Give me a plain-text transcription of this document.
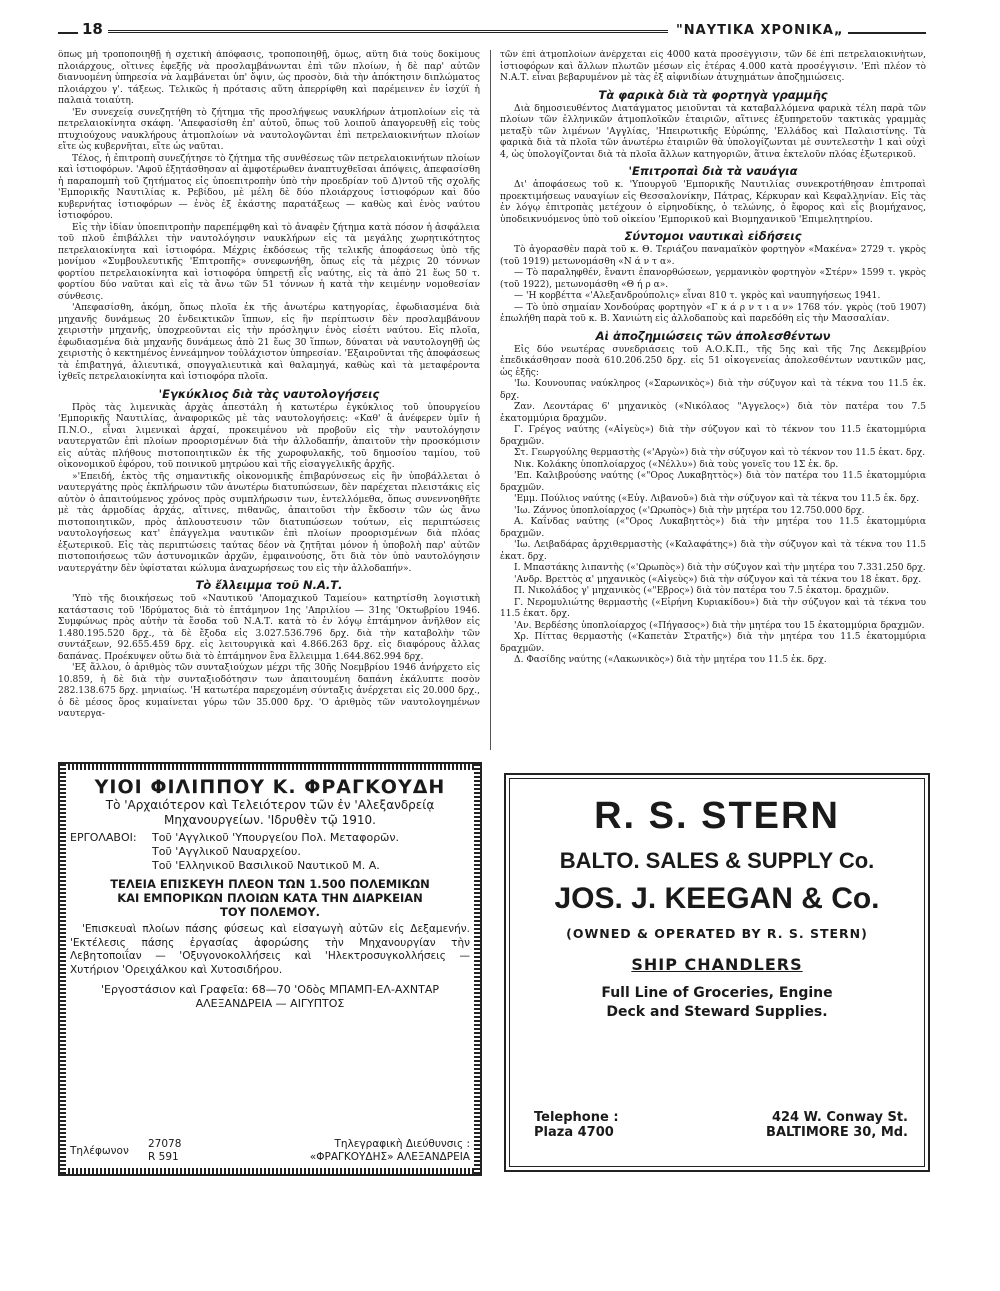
18	"ΝΑΥΤΙΚΑ ΧΡΟΝΙΚΑ„

ὅπως μὴ τροποποιηθῇ ἡ σχετικὴ ἀπόφασις, τροποποιηθῇ, ὅμως, αὕτη διὰ τοὺς δοκίμους πλοιάρχους, οἵτινες ἐφεξῆς νὰ προσλαμβάνωνται ἐπὶ τῶν πλοίων, ἡ δὲ παρ' αὐτῶν διανυομένη ὑπηρεσία νὰ λαμβάνεται ὑπ' ὄψιν, ὡς προσὸν, διὰ τὴν ἀπόκτησιν διπλώματος πλοιάρχου γ'. τάξεως. Τελικῶς ἡ πρότασις αὕτη ἀπερρίφθη καὶ παρέμεινεν ἐν ἰσχύϊ ἡ παλαιὰ τοιαύτη.

'Εν συνεχείᾳ συνεζητήθη τὸ ζήτημα τῆς προσλήψεως ναυκλήρων ἀτμοπλοίων εἰς τὰ πετρελαιοκίνητα σκάφη. 'Απεφασίσθη ἐπ' αὐτοῦ, ὅπως τοῦ λοιποῦ ἀπαγορευθῇ εἰς τοὺς πτυχιούχους ναυκλήρους ἀτμοπλοίων νὰ ναυτολογῶνται ἐπὶ πετρελαιοκινήτων πλοίων εἴτε ὡς κυβερνῆται, εἴτε ὡς ναῦται.

Τέλος, ἡ ἐπιτροπὴ συνεζήτησε τὸ ζήτημα τῆς συνθέσεως τῶν πετρελαιοκινήτων πλοίων καὶ ἱστιοφόρων. 'Αφοῦ ἐξητάσθησαν αἱ ἀμφοτέρωθεν ἀναπτυχθεῖσαι ἀπόψεις, ἀπεφασίσθη ἡ παραπομπὴ τοῦ ζητήματος εἰς ὑποεπιτροπὴν ὑπὸ τὴν προεδρίαν τοῦ Δ)ντοῦ τῆς σχολῆς 'Εμπορικῆς Ναυτιλίας κ. Ρεβίδου, μὲ μέλη δὲ δύο πλοιάρχους ἱστιοφόρων καὶ δύο κυβερνήτας ἱστιοφόρων — ἑνὸς ἐξ ἑκάστης παρατάξεως — καθὼς καὶ ἑνὸς ναύτου ἱστιοφόρου.

Εἰς τὴν ἰδίαν ὑποεπιτροπὴν παρεπέμφθη καὶ τὸ ἀναφὲν ζήτημα κατὰ πόσον ἡ ἀσφάλεια τοῦ πλοῦ ἐπιβάλλει τὴν ναυτολόγησιν ναυκλήρων εἰς τὰ μεγάλης χωρητικότητος πετρελαιοκίνητα καὶ ἱστιοφόρα. Μέχρις ἐκδόσεως τῆς τελικῆς ἀποφάσεως ὑπὸ τῆς μονίμου «Συμβουλευτικῆς 'Επιτροπῆς» συνεφωνήθη, ὅπως εἰς τὰ μέχρις 20 τόννων φορτίου πετρελαιοκίνητα καὶ ἱστιοφόρα ὑπηρετῇ εἷς ναύτης, εἰς τὰ ἀπὸ 21 ἕως 50 τ. φορτίου δύο ναῦται καὶ εἰς τὰ ἄνω τῶν 51 τόννων ἡ κατὰ τὴν κειμένην νομοθεσίαν σύνθεσις.

'Απεφασίσθη, ἀκόμη, ὅπως πλοῖα ἐκ τῆς ἀνωτέρω κατηγορίας, ἐφωδιασμένα διὰ μηχανῆς δυνάμεως 20 ἐνδεικτικῶν ἵππων, εἰς ἣν περίπτωσιν δὲν προσλαμβάνουν χειριστὴν μηχανῆς, ὑποχρεοῦνται εἰς τὴν πρόσληψιν ἑνὸς εἰσέτι ναύτου. Εἰς πλοῖα, ἐφωδιασμένα διὰ μηχανῆς δυνάμεως ἀπὸ 21 ἕως 30 ἵππων, δύναται νὰ ναυτολογηθῇ ὡς χειριστὴς ὁ κεκτημένος ἐννεάμηνον τοὐλάχιστον ὑπηρεσίαν. 'Εξαιροῦνται τῆς ἀποφάσεως τὰ ἐπιβατηγά, ἁλιευτικά, σπογγαλιευτικὰ καὶ θαλαμηγά, καθὼς καὶ τὰ μεταφέροντα ἰχθεῖς πετρελαιοκίνητα καὶ ἱστιοφόρα πλοῖα.

'Εγκύκλιος διὰ τὰς ναυτολογήσεις

Πρὸς τὰς λιμενικὰς ἀρχὰς ἀπεστάλη ἡ κατωτέρω ἐγκύκλιος τοῦ ὑπουργείου 'Εμπορικῆς Ναυτιλίας, ἀναφορικῶς μὲ τὰς ναυτολογήσεις: «Καθ' ἃ ἀνέφερεν ὑμῖν ἡ Π.Ν.Ο., εἶναι λιμενικαὶ ἀρχαί, προκειμένου νὰ προβοῦν εἰς τὴν ναυτολόγησιν ναυτεργατῶν ἐπὶ πλοίων προορισμένων διὰ τὴν ἀλλοδαπήν, ἀπαιτοῦν τὴν προσκόμισιν εἰς αὐτὰς πλήθους πιστοποιητικῶν ἐκ τῆς χωροφυλακῆς, τοῦ δημοσίου ταμίου, τοῦ οἰκονομικοῦ ἐφόρου, τοῦ ποινικοῦ μητρώου καὶ τῆς εἰσαγγελικῆς ἀρχῆς.

»'Επειδή, ἐκτὸς τῆς σημαντικῆς οἰκονομικῆς ἐπιβαρύνσεως εἰς ἣν ὑποβάλλεται ὁ ναυτεργάτης πρὸς ἐκπλήρωσιν τῶν ἀνωτέρω διατυπώσεων, δὲν παρέχεται πλειστάκις εἰς αὐτὸν ὁ ἀπαιτούμενος χρόνος πρὸς συμπλήρωσιν των, ἐντελλόμεθα, ὅπως συνεννοηθῆτε μὲ τὰς ἁρμοδίας ἀρχάς, αἵτινες, πιθανῶς, ἀπαιτοῦσι τὴν ἔκδοσιν τῶν ὡς ἄνω πιστοποιητικῶν, πρὸς ἀπλουστευσιν τῶν διατυπώσεων τούτων, εἰς περιπτώσεις ναυτολογήσεως κατ' ἐπάγγελμα ναυτικῶν ἐπὶ πλοίων προορισμένων διὰ πλόας ἐξωτερικοῦ. Εἰς τὰς περιπτώσεις ταύτας δέον νὰ ζητῆται μόνον ἡ ὑποβολὴ παρ' αὐτῶν πιστοποιήσεως τῶν ἀστυνομικῶν ἀρχῶν, ἐμφαινούσης, ὅτι διὰ τὸν ὑπὸ ναυτολόγησιν ναυτεργάτην δὲν ὑφίσταται κώλυμα ἀναχωρήσεως του εἰς τὴν ἀλλοδαπήν».

Τὸ ἔλλειμμα τοῦ Ν.Α.Τ.

'Υπὸ τῆς διοικήσεως τοῦ «Ναυτικοῦ 'Απομαχικοῦ Ταμείου» κατηρτίσθη λογιστικὴ κατάστασις τοῦ 'Ιδρύματος διὰ τὸ ἑπτάμηνον 1ης 'Απριλίου — 31ης 'Οκτωβρίου 1946. Συμφώνως πρὸς αὐτὴν τὰ ἔσοδα τοῦ Ν.Α.Τ. κατὰ τὸ ἐν λόγῳ ἑπτάμηνον ἀνῆλθον εἰς 1.480.195.520 δρχ., τὰ δὲ ἔξοδα εἰς 3.027.536.796 δρχ. διὰ τὴν καταβολὴν τῶν συντάξεων, 92.655.459 δρχ. εἰς λειτουργικὰ καὶ 4.866.263 δρχ. εἰς διαφόρους ἄλλας δαπάνας. Προέκυψεν οὕτω διὰ τὸ ἑπτάμηνον ἓνα ἔλλειμμα 1.644.862.994 δρχ.

'Εξ ἄλλου, ὁ ἀριθμὸς τῶν συνταξιούχων μέχρι τῆς 30ῆς Νοεμβρίου 1946 ἀνήρχετο εἰς 10.859, ἡ δὲ διὰ τὴν συνταξιοδότησιν των ἀπαιτουμένη δαπάνη ἐκάλυπτε ποσὸν 282.138.675 δρχ. μηνιαίως. 'Η κατωτέρα παρεχομένη σύνταξις ἀνέρχεται εἰς 20.000 δρχ., ὁ δὲ μέσος ὅρος κυμαίνεται γύρω τῶν 35.000 δρχ. 'Ο ἀριθμὸς τῶν ναυτολογημένων ναυτεργα-

τῶν ἐπὶ ἀτμοπλοίων ἀνέρχεται εἰς 4000 κατὰ προσέγγισιν, τῶν δὲ ἐπὶ πετρελαιοκινήτων, ἱστιοφόρων καὶ ἄλλων πλωτῶν μέσων εἰς ἑτέρας 4.000 κατὰ προσέγγισιν. 'Επὶ πλέον τὸ Ν.Α.Τ. εἶναι βεβαρυμένον μὲ τὰς ἐξ αἰφνιδίων ἀτυχημάτων ἀποζημιώσεις.

Τὰ φαρικὰ διὰ τὰ φορτηγὰ γραμμῆς

Διὰ δημοσιευθέντος Διατάγματος μειοῦνται τὰ καταβαλλόμενα φαρικὰ τέλη παρὰ τῶν πλοίων τῶν ἑλληνικῶν ἀτμοπλοϊκῶν ἑταιριῶν, αἵτινες ἐξυπηρετοῦν τακτικὰς γραμμὰς μεταξὺ τῶν λιμένων 'Αγγλίας, 'Ηπειρωτικῆς Εὐρώπης, 'Ελλάδος καὶ Παλαιστίνης. Τὰ φαρικὰ διὰ τὰ πλοῖα τῶν ἀνωτέρω ἑταιριῶν θὰ ὑπολογίζωνται μὲ συντελεστὴν 1 καὶ οὐχὶ 4, ὡς ὑπολογίζονται διὰ τὰ πλοῖα ἄλλων κατηγοριῶν, ἅτινα ἐκτελοῦν πλόας ἐξωτερικοῦ.

'Επιτροπαὶ διὰ τὰ ναυάγια

Δι' ἀποφάσεως τοῦ κ. 'Υπουργοῦ 'Εμπορικῆς Ναυτιλίας συνεκροτήθησαν ἐπιτροπαὶ προεκτιμήσεως ναυαγίων εἰς Θεσσαλονίκην, Πάτρας, Κέρκυραν καὶ Κεφαλληνίαν. Εἰς τὰς ἐν λόγῳ ἐπιτροπὰς μετέχουν ὁ εἰρηνοδίκης, ὁ τελώνης, ὁ ἔφορος καὶ εἷς βιομήχανος, ὑποδεικνυόμενος ὑπὸ τοῦ οἰκείου 'Εμπορικοῦ καὶ Βιομηχανικοῦ 'Επιμελητηρίου.

Σύντομοι ναυτικαὶ εἰδήσεις

Τὸ ἀγορασθὲν παρὰ τοῦ κ. Θ. Τεριάζου παναμαϊκὸν φορτηγὸν «Μακένα» 2729 τ. γκρὸς (τοῦ 1919) μετωνομάσθη «Ν ά ν τ α».

— Τὸ παραληφθέν, ἔναντι ἐπανορθώσεων, γερμανικὸν φορτηγὸν «Στέρν» 1599 τ. γκρὸς (τοῦ 1922), μετωνομάσθη «Θ ή ρ α».

— 'Η κορβέττα «'Αλεξανδρούπολις» εἶναι 810 τ. γκρὸς καὶ ναυπηγήσεως 1941.

— Τὸ ὑπὸ σημαίαν Χονδούρας φορτηγὸν «Γ κ ά ρ ν τ ι α ν» 1768 τόν. γκρὸς (τοῦ 1907) ἐπωλήθη παρὰ τοῦ κ. Β. Χανιώτη εἰς ἀλλοδαποὺς καὶ παρεδόθη εἰς τὴν Μασσαλίαν.

Αἱ ἀποζημιώσεις τῶν ἀπολεσθέντων

Εἰς δύο νεωτέρας συνεδριάσεις τοῦ Α.Ο.Κ.Π., τῆς 5ης καὶ τῆς 7ης Δεκεμβρίου ἐπεδικάσθησαν ποσὰ 610.206.250 δρχ. εἰς 51 οἰκογενείας ἀπολεσθέντων ναυτικῶν μας, ὡς ἑξῆς:

'Ιω. Κουνουπας ναύκληρος («Σαρωνικὸς») διὰ τὴν σύζυγον καὶ τὰ τέκνα του 11.5 ἐκ. δρχ.

Ζαν. Λεοντάρας 6' μηχανικὸς («Νικόλαος "Αγγελος») διὰ τὸν πατέρα του 7.5 ἑκατομμύρια δραχμῶν.

Γ. Γρέγος ναύτης («Αἰγεὺς») διὰ τὴν σύζυγον καὶ τὸ τέκνον του 11.5 ἑκατομμύρια δραχμῶν.

Στ. Γεωργούλης θερμαστὴς («'Αργὼ») διὰ τὴν σύζυγον καὶ τὸ τέκνον του 11.5 ἑκατ. δρχ.

Νικ. Κολάκης ὑποπλοίαρχος («Νέλλυ») διὰ τοὺς γονεῖς του 1Σ ἐκ. δρ.

'Επ. Καλιβρούσης ναύτης («"Ορος Λυκαβηττὸς») διὰ τὸν πατέρα του 11.5 ἑκατομμύρια δραχμῶν.

'Εμμ. Πούλιος ναύτης («Εὐγ. Λιβανοῦ») διὰ τὴν σύζυγον καὶ τὰ τέκνα του 11.5 ἐκ. δρχ.

'Ιω. Ζάννος ὑποπλοίαρχος («'Ωρωπὸς») διὰ τὴν μητέρα του 12.750.000 δρχ.

Α. Καΐνδας ναύτης («"Ορος Λυκαβηττὸς») διὰ τὴν μητέρα του 11.5 ἑκατομμύρια δραχμῶν.

'Ιω. Λειβαδάρας ἀρχιθερμαστὴς («Καλαφάτης») διὰ τὴν σύζυγον καὶ τὰ τέκνα του 11.5 ἐκατ. δρχ.

Ι. Μπαστάκης λιπαντὴς («'Ωρωπὸς») διὰ τὴν σύζυγον καὶ τὴν μητέρα του 7.331.250 δρχ.

'Ανδρ. Βρεττὸς α' μηχανικὸς («Αἰγεὺς») διὰ τὴν σύζυγον καὶ τὰ τέκνα του 18 ἑκατ. δρχ.

Π. Νικολάδος γ' μηχανικὸς («"Εβρος») διὰ τὸν πατέρα του 7.5 ἑκατομ. δραχμῶν.

Γ. Νερομυλιώτης θερμαστὴς («Εἰρήνη Κυριακίδου») διὰ τὴν σύζυγον καὶ τὰ τέκνα του 11.5 ἑκατ. δρχ.

'Αν. Βερδέσης ὑποπλοίαρχος («Πήγασος») διὰ τὴν μητέρα του 15 ἑκατομμύρια δραχμῶν.

Χρ. Πίττας θερμαστὴς («Καπετὰν Στρατῆς») διὰ τὴν μητέρα του 11.5 ἑκατομμύρια δραχμῶν.

Δ. Φασίδης ναύτης («Λακωνικὸς») διὰ τὴν μητέρα του 11.5 ἐκ. δρχ.

ΥΙΟΙ ΦΙΛΙΠΠΟΥ Κ. ΦΡΑΓΚΟΥΔΗ
Τὸ 'Αρχαιότερον καὶ Τελειότερον τῶν ἐν 'Αλεξανδρείᾳ
Μηχανουργείων. 'Ιδρυθὲν τῷ 1910.
ΕΡΓΟΛΑΒΟΙ:	Τοῦ 'Αγγλικοῦ 'Υπουργείου Πολ. Μεταφορῶν.
Τοῦ 'Αγγλικοῦ Ναυαρχείου.
Τοῦ 'Ελληνικοῦ Βασιλικοῦ Ναυτικοῦ Μ. Α.
ΤΕΛΕΙΑ ΕΠΙΣΚΕΥΗ ΠΛΕΟΝ ΤΩΝ 1.500 ΠΟΛΕΜΙΚΩΝ
ΚΑΙ ΕΜΠΟΡΙΚΩΝ ΠΛΟΙΩΝ ΚΑΤΑ ΤΗΝ ΔΙΑΡΚΕΙΑΝ
ΤΟΥ ΠΟΛΕΜΟΥ.
'Επισκευαὶ πλοίων πάσης φύσεως καὶ εἰσαγωγὴ αὐτῶν εἰς Δεξαμενήν. 'Εκτέλεσις πάσης ἐργασίας ἀφορώσης τὴν Μηχανουργίαν τὴν Λεβητοποιΐαν — 'Οξυγονοκολλήσεις καὶ 'Ηλεκτροσυγκολλήσεις — Χυτήριον 'Ορειχάλκου καὶ Χυτοσιδήρου.
'Εργοστάσιον καὶ Γραφεῖα: 68—70 'Οδὸς ΜΠΑΜΠ-ΕΛ-ΑΧΝΤΑΡ
ΑΛΕΞΑΝΔΡΕΙΑ — ΑΙΓΥΠΤΟΣ
Τηλέφωνον
27078
R 591
Τηλεγραφικὴ Διεύθυνσις :
«ΦΡΑΓΚΟΥΔΗΣ» ΑΛΕΞΑΝΔΡΕΙΑ
R. S. STERN
BALTO. SALES & SUPPLY Co.
JOS. J. KEEGAN & Co.
(OWNED & OPERATED BY R. S. STERN)
SHIP CHANDLERS
Full Line of Groceries, Engine
Deck and Steward Supplies.
Telephone :
Plaza 4700
424 W. Conway St.
BALTIMORE 30, Md.
